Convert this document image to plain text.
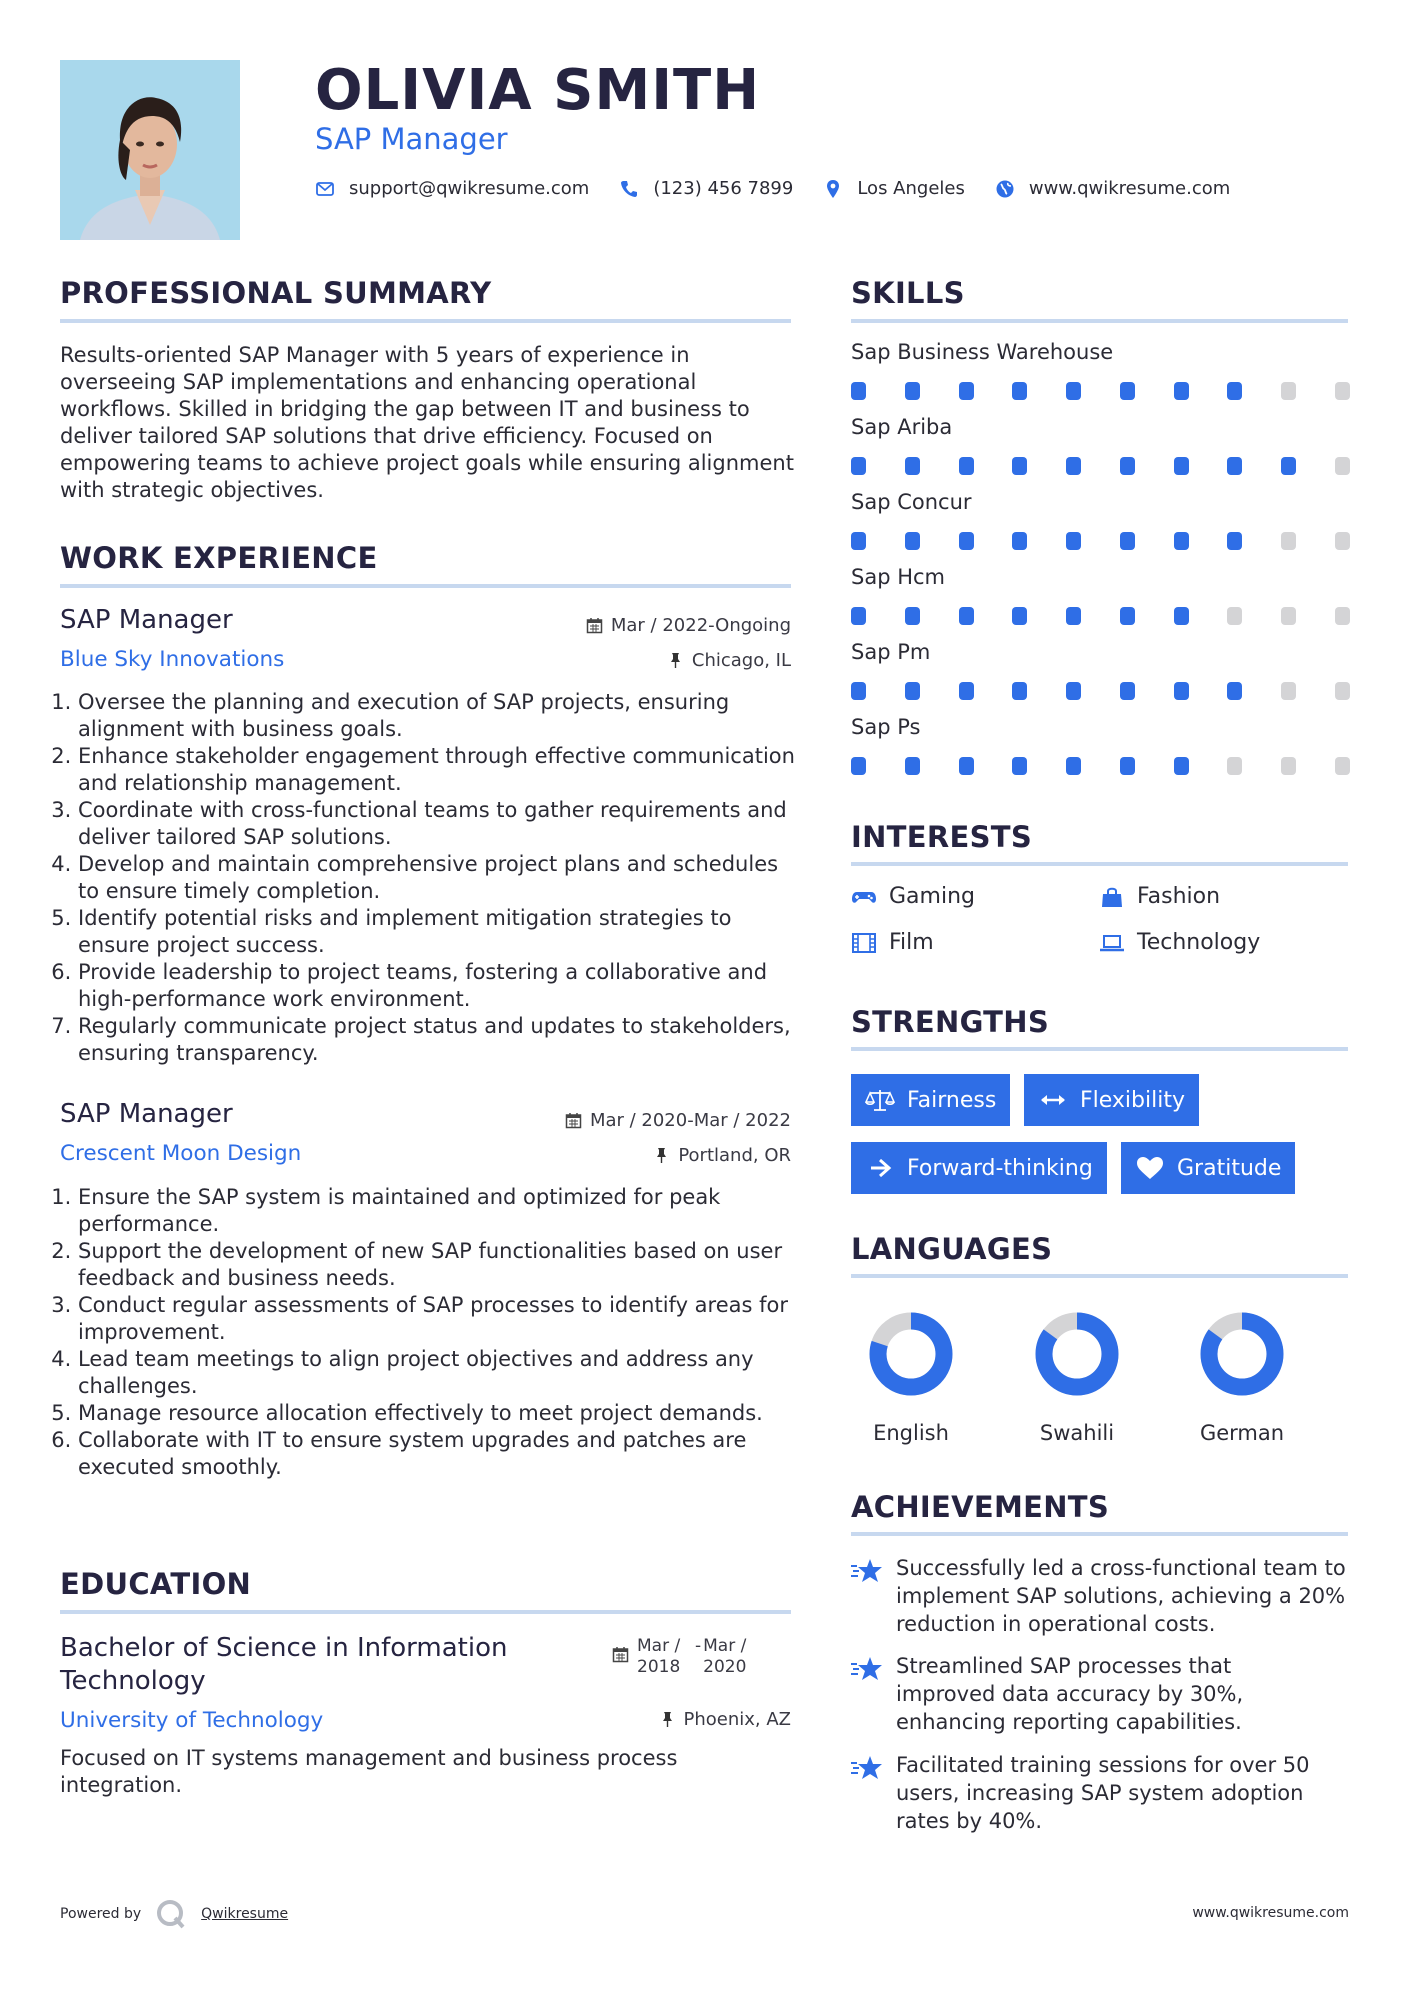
OLIVIA SMITH
SAP Manager
support@qwikresume.com	(123) 456 7899	Los Angeles	www.qwikresume.com
PROFESSIONAL SUMMARY
Results-oriented SAP Manager with 5 years of experience in overseeing SAP implementations and enhancing operational workflows. Skilled in bridging the gap between IT and business to deliver tailored SAP solutions that drive efficiency. Focused on empowering teams to achieve project goals while ensuring alignment with strategic objectives.
WORK EXPERIENCE
SAP Manager	Mar / 2022-Ongoing
Blue Sky Innovations	Chicago, IL
1. Oversee the planning and execution of SAP projects, ensuring alignment with business goals.
2. Enhance stakeholder engagement through effective communication and relationship management.
3. Coordinate with cross-functional teams to gather requirements and deliver tailored SAP solutions.
4. Develop and maintain comprehensive project plans and schedules to ensure timely completion.
5. Identify potential risks and implement mitigation strategies to ensure project success.
6. Provide leadership to project teams, fostering a collaborative and high-performance work environment.
7. Regularly communicate project status and updates to stakeholders, ensuring transparency.
SAP Manager	Mar / 2020-Mar / 2022
Crescent Moon Design	Portland, OR
1. Ensure the SAP system is maintained and optimized for peak performance.
2. Support the development of new SAP functionalities based on user feedback and business needs.
3. Conduct regular assessments of SAP processes to identify areas for improvement.
4. Lead team meetings to align project objectives and address any challenges.
5. Manage resource allocation effectively to meet project demands.
6. Collaborate with IT to ensure system upgrades and patches are executed smoothly.
EDUCATION
Bachelor of Science in Information Technology
Mar / 2018
- Mar / 2020
University of Technology	Phoenix, AZ
Focused on IT systems management and business process integration.
SKILLS
INTERESTS
Gaming	Fashion
Film	Technology
STRENGTHS
Fairness	Flexibility
Forward-thinking	Gratitude
LANGUAGES
English	Swahili	German
ACHIEVEMENTS
Successfully led a cross-functional team to implement SAP solutions, achieving a 20% reduction in operational costs.
Streamlined SAP processes that improved data accuracy by 30%, enhancing reporting capabilities.
Facilitated training sessions for over 50 users, increasing SAP system adoption rates by 40%.
Powered by	Qwikresume	www.qwikresume.com
Sap Business Warehouse
Sap Ariba
Sap Concur
Sap Hcm
Sap Pm
Sap Ps
